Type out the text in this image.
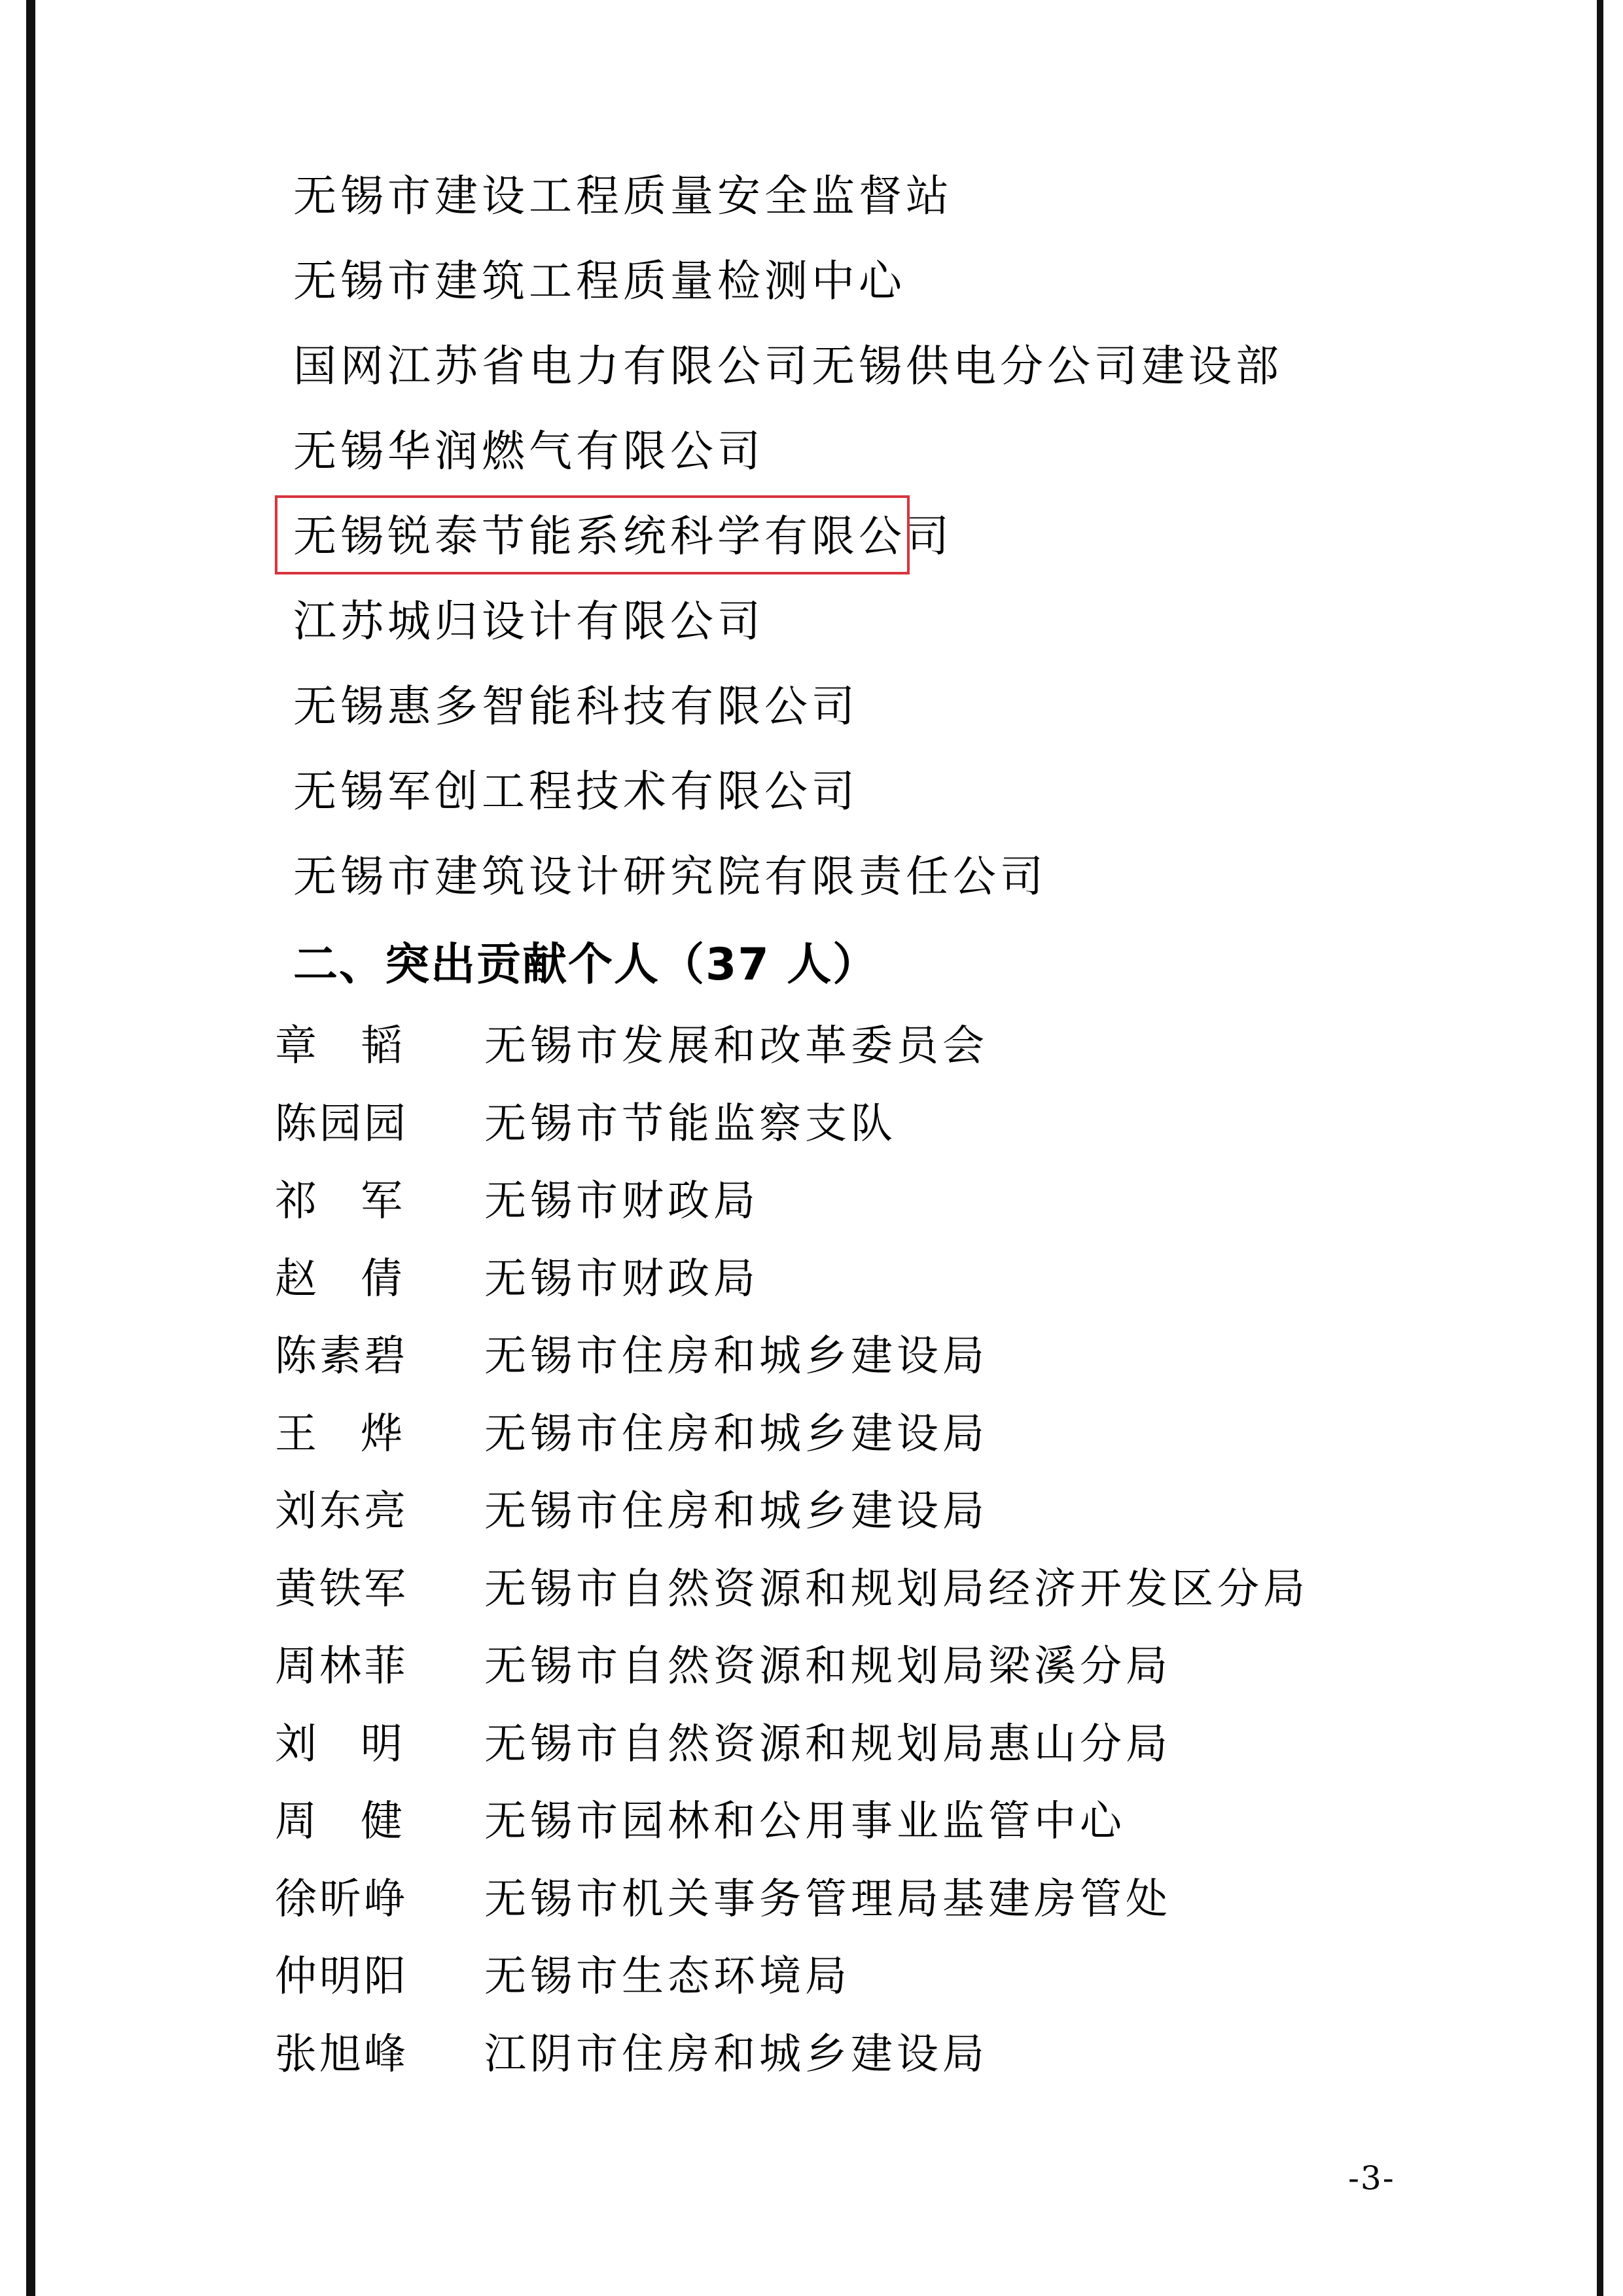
无锡市建设工程质量安全监督站
无锡市建筑工程质量检测中心
国网江苏省电力有限公司无锡供电分公司建设部
无锡华润燃气有限公司
无锡锐泰节能系统科学有限公司
江苏城归设计有限公司
无锡惠多智能科技有限公司
无锡军创工程技术有限公司
无锡市建筑设计研究院有限责任公司
二、突出贡献个人（37 人）
章 韬 无锡市发展和改革委员会
陈园园 无锡市节能监察支队
祁 军 无锡市财政局
赵 倩 无锡市财政局
陈素碧 无锡市住房和城乡建设局
王 烨 无锡市住房和城乡建设局
刘东亮 无锡市住房和城乡建设局
黄铁军 无锡市自然资源和规划局经济开发区分局
周林菲 无锡市自然资源和规划局梁溪分局
刘 明 无锡市自然资源和规划局惠山分局
周 健 无锡市园林和公用事业监管中心
徐昕峥 无锡市机关事务管理局基建房管处
仲明阳 无锡市生态环境局
张旭峰 江阴市住房和城乡建设局
-3-
